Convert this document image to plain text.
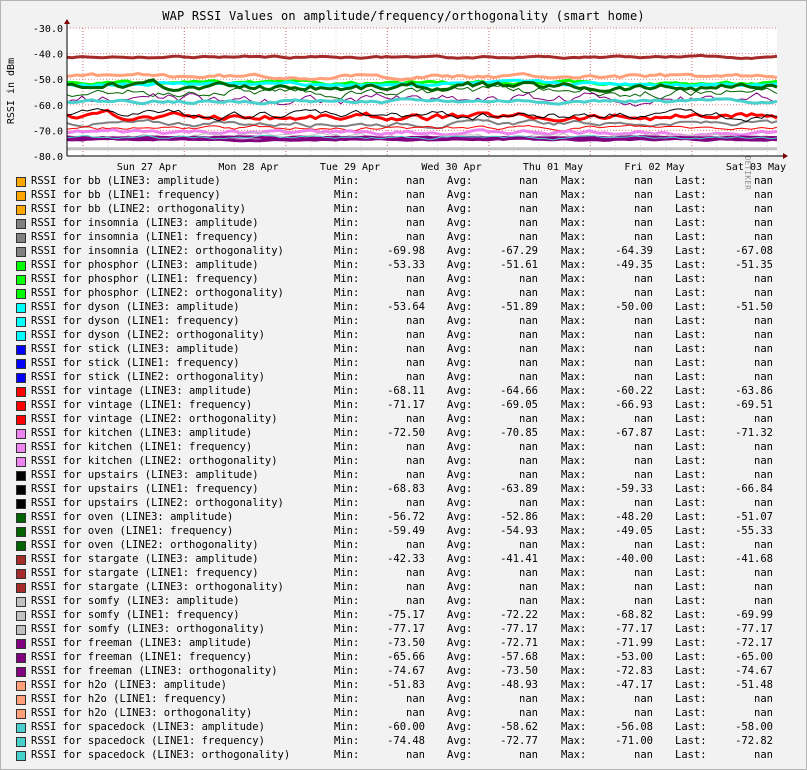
WAP RSSI Values on amplitude/frequency/orthogonality (smart home)
RSSI in dBm
-30.0
-40.0
-50.0
-60.0
-70.0
-80.0
Sun 27 Apr	Mon 28 Apr	Tue 29 Apr	Wed 30 Apr	Thu 01 May	Fri 02 May	Sat 03 May
RSSI for bb (LINE3: amplitude)	Min:	nan Avg:	nan Max:	nan Last:	nan
RSSI for bb (LINE1: frequency)	Min:	nan Avg:	nan Max:	nan Last:	nan
RSSI for bb (LINE2: orthogonality)	Min:	nan Avg:	nan Max:	nan Last:	nan
RSSI for insomnia (LINE3: amplitude)	Min:	nan Avg:	nan Max:	nan Last:	nan
RSSI for insomnia (LINE1: frequency)	Min:	nan Avg:	nan Max:	nan Last:	nan
RSSI for insomnia (LINE2: orthogonality)	Min:	-69.98 Avg:	-67.29 Max:	-64.39 Last:	-67.08
RSSI for phosphor (LINE3: amplitude)	Min:	-53.33 Avg:	-51.61 Max:	-49.35 Last:	-51.35
RSSI for phosphor (LINE1: frequency)	Min:	nan Avg:	nan Max:	nan Last:	nan
RSSI for phosphor (LINE2: orthogonality)	Min:	nan Avg:	nan Max:	nan Last:	nan
RSSI for dyson (LINE3: amplitude)	Min:	-53.64 Avg:	-51.89 Max:	-50.00 Last:	-51.50
RSSI for dyson (LINE1: frequency)	Min:	nan Avg:	nan Max:	nan Last:	nan
RSSI for dyson (LINE2: orthogonality)	Min:	nan Avg:	nan Max:	nan Last:	nan
RSSI for stick (LINE3: amplitude)	Min:	nan Avg:	nan Max:	nan Last:	nan
RSSI for stick (LINE1: frequency)	Min:	nan Avg:	nan Max:	nan Last:	nan
RSSI for stick (LINE2: orthogonality)	Min:	nan Avg:	nan Max:	nan Last:	nan
RSSI for vintage (LINE3: amplitude)	Min:	-68.11 Avg:	-64.66 Max:	-60.22 Last:	-63.86
RSSI for vintage (LINE1: frequency)	Min:	-71.17 Avg:	-69.05 Max:	-66.93 Last:	-69.51
RSSI for vintage (LINE2: orthogonality)	Min:	nan Avg:	nan Max:	nan Last:	nan
RSSI for kitchen (LINE3: amplitude)	Min:	-72.50 Avg:	-70.85 Max:	-67.87 Last:	-71.32
RSSI for kitchen (LINE1: frequency)	Min:	nan Avg:	nan Max:	nan Last:	nan
RSSI for kitchen (LINE2: orthogonality)	Min:	nan Avg:	nan Max:	nan Last:	nan
RSSI for upstairs (LINE3: amplitude)	Min:	nan Avg:	nan Max:	nan Last:	nan
RSSI for upstairs (LINE1: frequency)	Min:	-68.83 Avg:	-63.89 Max:	-59.33 Last:	-66.84
RSSI for upstairs (LINE2: orthogonality)	Min:	nan Avg:	nan Max:	nan Last:	nan
RSSI for oven (LINE3: amplitude)	Min:	-56.72 Avg:	-52.86 Max:	-48.20 Last:	-51.07
RSSI for oven (LINE1: frequency)	Min:	-59.49 Avg:	-54.93 Max:	-49.05 Last:	-55.33
RSSI for oven (LINE2: orthogonality)	Min:	nan Avg:	nan Max:	nan Last:	nan
RSSI for stargate (LINE3: amplitude)	Min:	-42.33 Avg:	-41.41 Max:	-40.00 Last:	-41.68
RSSI for stargate (LINE1: frequency)	Min:	nan Avg:	nan Max:	nan Last:	nan
RSSI for stargate (LINE3: orthogonality)	Min:	nan Avg:	nan Max:	nan Last:	nan
RSSI for somfy (LINE3: amplitude)	Min:	nan Avg:	nan Max:	nan Last:	nan
RSSI for somfy (LINE1: frequency)	Min:	-75.17 Avg:	-72.22 Max:	-68.82 Last:	-69.99
RSSI for somfy (LINE3: orthogonality)	Min:	-77.17 Avg:	-77.17 Max:	-77.17 Last:	-77.17
RSSI for freeman (LINE3: amplitude)	Min:	-73.50 Avg:	-72.71 Max:	-71.99 Last:	-72.17
RSSI for freeman (LINE1: frequency)	Min:	-65.66 Avg:	-57.68 Max:	-53.00 Last:	-65.00
RSSI for freeman (LINE3: orthogonality)	Min:	-74.67 Avg:	-73.50 Max:	-72.83 Last:	-74.67
RSSI for h2o (LINE3: amplitude)	Min:	-51.83 Avg:	-48.93 Max:	-47.17 Last:	-51.48
RSSI for h2o (LINE1: frequency)	Min:	nan Avg:	nan Max:	nan Last:	nan
RSSI for h2o (LINE3: orthogonality)	Min:	nan Avg:	nan Max:	nan Last:	nan
RSSI for spacedock (LINE3: amplitude)	Min:	-60.00 Avg:	-58.62 Max:	-56.08 Last:	-58.00
RSSI for spacedock (LINE1: frequency)	Min:	-74.48 Avg:	-72.77 Max:	-71.00 Last:	-72.82
RSSI for spacedock (LINE3: orthogonality)	Min:	nan Avg:	nan Max:	nan Last:	nan
